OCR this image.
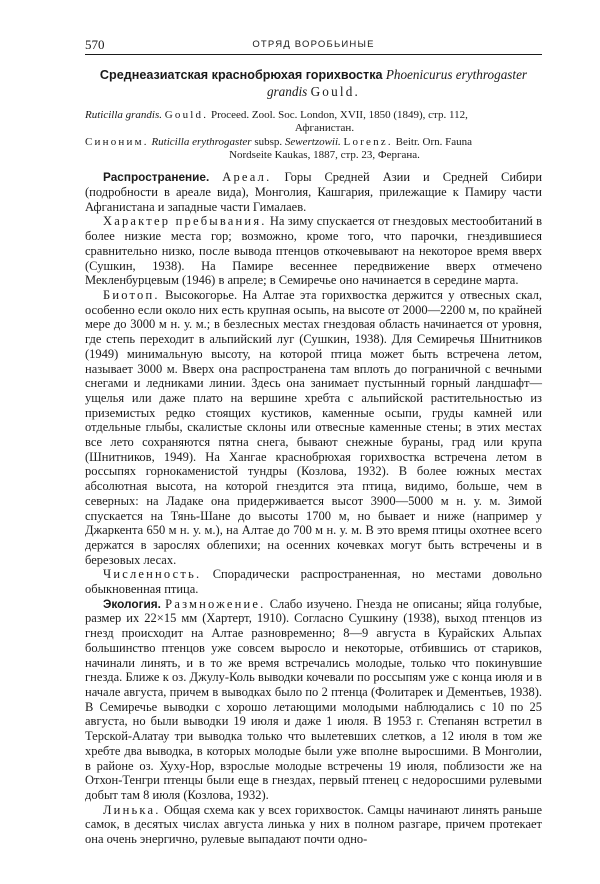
570	ОТРЯД ВОРОБЬИНЫЕ
Среднеазиатская краснобрюхая горихвостка Phoenicurus erythrogaster grandis Gould.
Ruticilla grandis. Gould. Proceed. Zool. Soc. London, XVII, 1850 (1849), стр. 112,
Афганистан.
Синоним. Ruticilla erythrogaster subsp. Sewertzowii. Lorenz. Beitr. Orn. Fauna
Nordseite Kaukas, 1887, стр. 23, Фергана.

Распространение. Ареал. Горы Средней Азии и Средней Сибири (подробности в ареале вида), Монголия, Кашгария, прилежащие к Памиру части Афганистана и западные части Гималаев.

Характер пребывания. На зиму спускается от гнездовых местообитаний в более низкие места гор; возможно, кроме того, что парочки, гнездившиеся сравнительно низко, после вывода птенцов откочевывают на некоторое время вверх (Сушкин, 1938). На Памире весеннее передвижение вверх отмечено Мекленбурцевым (1946) в апреле; в Семиречье оно начинается в середине марта.

Биотоп. Высокогорье. На Алтае эта горихвостка держится у отвесных скал, особенно если около них есть крупная осыпь, на высоте от 2000—2200 м, по крайней мере до 3000 м н. у. м.; в безлесных местах гнездовая область начинается от уровня, где степь переходит в альпийский луг (Сушкин, 1938). Для Семиречья Шнитников (1949) минимальную высоту, на которой птица может быть встречена летом, называет 3000 м. Вверх она распространена там вплоть до пограничной с вечными снегами и ледниками линии. Здесь она занимает пустынный горный ландшафт—ущелья или даже плато на вершине хребта с альпийской растительностью из приземистых редко стоящих кустиков, каменные осыпи, груды камней или отдельные глыбы, скалистые склоны или отвесные каменные стены; в этих местах все лето сохраняются пятна снега, бывают снежные бураны, град или крупа (Шнитников, 1949). На Хангае краснобрюхая горихвостка встречена летом в россыпях горнокаменистой тундры (Козлова, 1932). В более южных местах абсолютная высота, на которой гнездится эта птица, видимо, больше, чем в северных: на Ладаке она придерживается высот 3900—5000 м н. у. м. Зимой спускается на Тянь-Шане до высоты 1700 м, но бывает и ниже (например у Джаркента 650 м н. у. м.), на Алтае до 700 м н. у. м. В это время птицы охотнее всего держатся в зарослях облепихи; на осенних кочевках могут быть встречены и в березовых лесах.

Численность. Спорадически распространенная, но местами довольно обыкновенная птица.

Экология. Размножение. Слабо изучено. Гнезда не описаны; яйца голубые, размер их 22×15 мм (Хартерт, 1910). Согласно Сушкину (1938), выход птенцов из гнезд происходит на Алтае разновременно; 8—9 августа в Курайских Альпах большинство птенцов уже совсем выросло и некоторые, отбившись от стариков, начинали линять, и в то же время встречались молодые, только что покинувшие гнезда. Ближе к оз. Джулу-Коль выводки кочевали по россыпям уже с конца июля и в начале августа, причем в выводках было по 2 птенца (Фолитарек и Дементьев, 1938). В Семиречье выводки с хорошо летающими молодыми наблюдались с 10 по 25 августа, но были выводки 19 июля и даже 1 июля. В 1953 г. Степанян встретил в Терской-Алатау три выводка только что вылетевших слетков, а 12 июля в том же хребте два выводка, в которых молодые были уже вполне выросшими. В Монголии, в районе оз. Хуху-Нор, взрослые молодые встречены 19 июля, поблизости же на Отхон-Тенгри птенцы были еще в гнездах, первый птенец с недоросшими рулевыми добыт там 8 июля (Козлова, 1932).

Линька. Общая схема как у всех горихвосток. Самцы начинают линять раньше самок, в десятых числах августа линька у них в полном разгаре, причем протекает она очень энергично, рулевые выпадают почти одно-
